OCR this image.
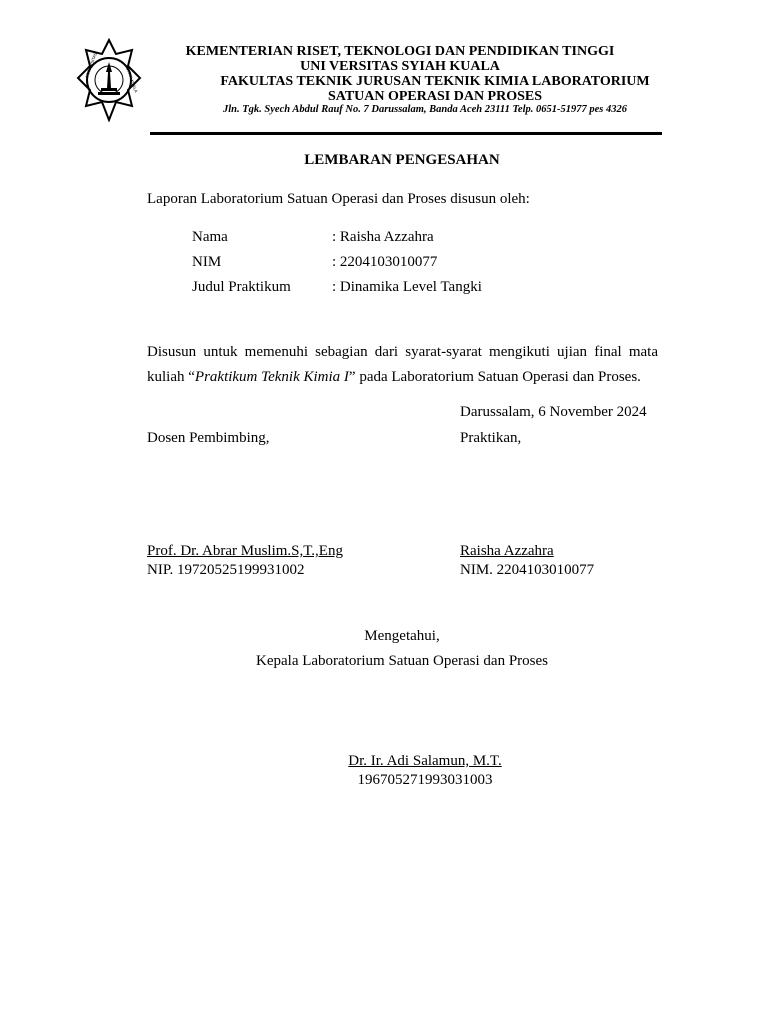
UNIVERSITAS
SYIAH KUALA
KEMENTERIAN RISET, TEKNOLOGI DAN PENDIDIKAN TINGGI
UNI VERSITAS SYIAH KUALA
FAKULTAS TEKNIK JURUSAN TEKNIK KIMIA LABORATORIUM
SATUAN OPERASI DAN PROSES
Jln. Tgk. Syech Abdul Rauf No. 7 Darussalam, Banda Aceh 23111 Telp. 0651-51977 pes 4326
LEMBARAN PENGESAHAN
Laporan Laboratorium Satuan Operasi dan Proses disusun oleh:
Nama	: Raisha Azzahra
NIM	: 2204103010077
Judul Praktikum	: Dinamika Level Tangki
Disusun untuk memenuhi sebagian dari syarat-syarat mengikuti ujian final mata kuliah “Praktikum Teknik Kimia I” pada Laboratorium Satuan Operasi dan Proses.
Darussalam, 6 November 2024
Dosen Pembimbing,	Praktikan,
Prof. Dr. Abrar Muslim.S,T.,Eng
NIP. 19720525199931002
Raisha Azzahra
NIM. 2204103010077
Mengetahui,
Kepala Laboratorium Satuan Operasi dan Proses
Dr. Ir. Adi Salamun, M.T.
196705271993031003
